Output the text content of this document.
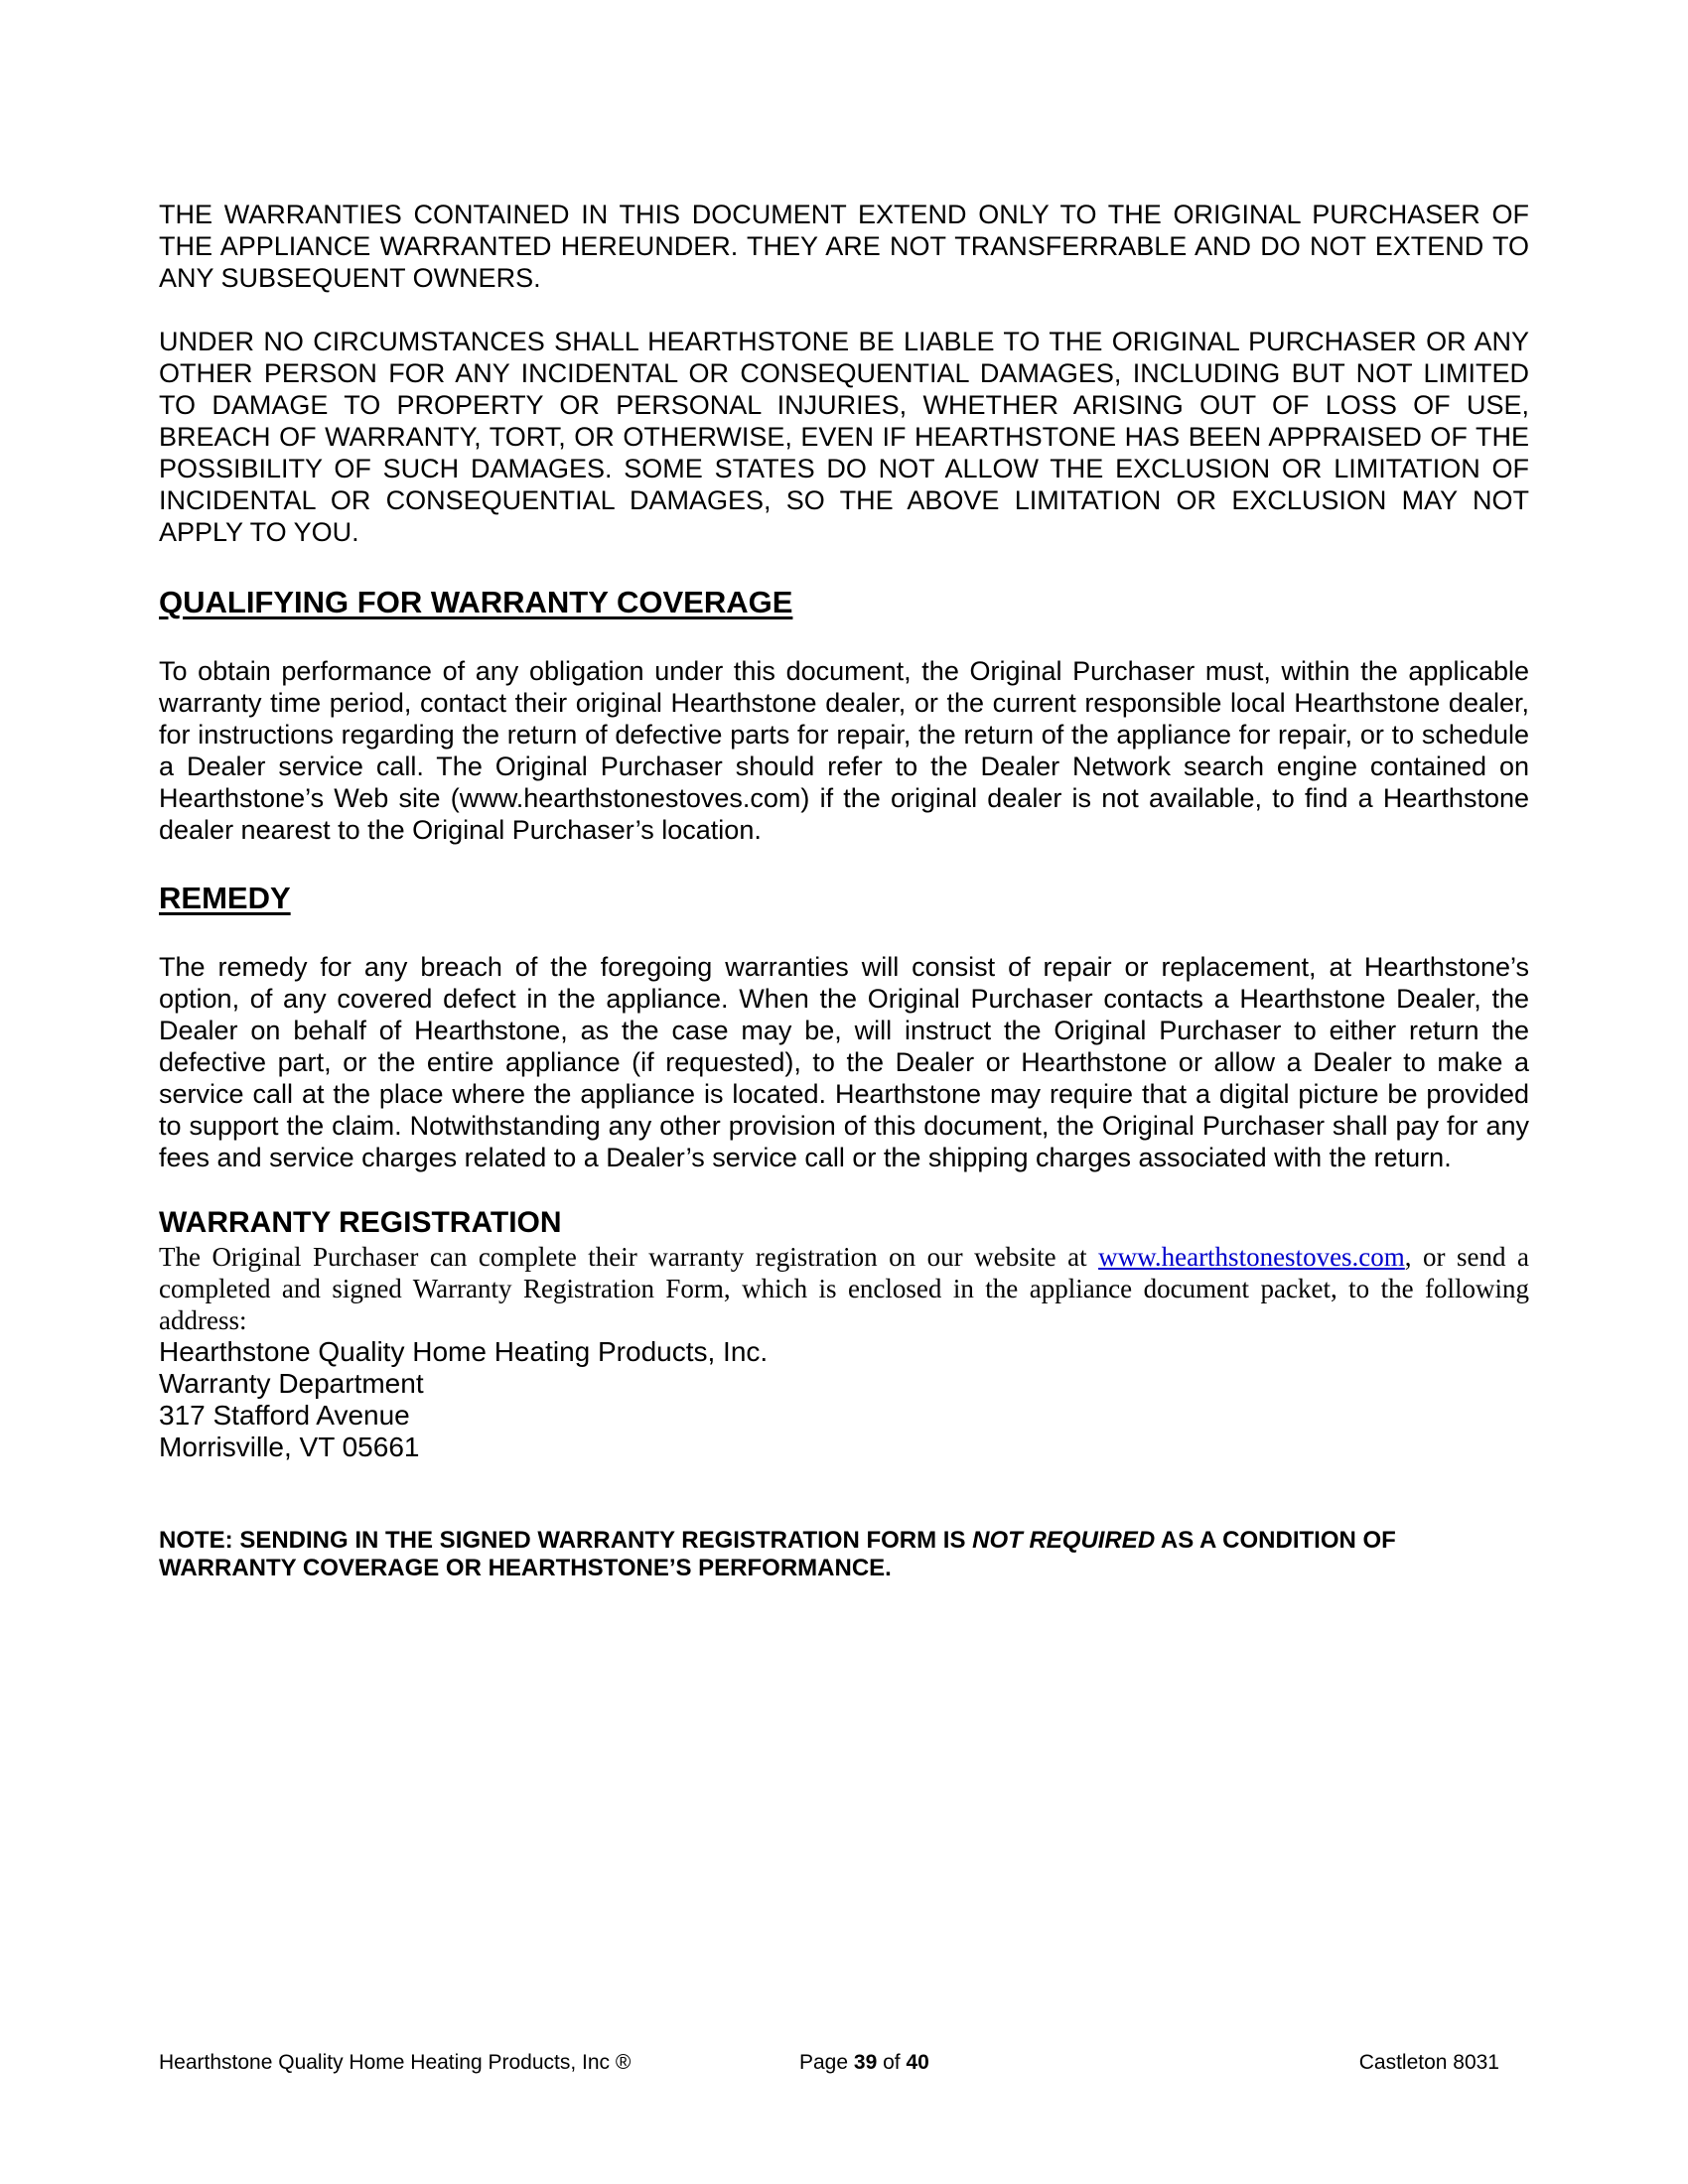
THE WARRANTIES CONTAINED IN THIS DOCUMENT EXTEND ONLY TO THE ORIGINAL PURCHASER OF THE APPLIANCE WARRANTED HEREUNDER. THEY ARE NOT TRANSFERRABLE AND DO NOT EXTEND TO ANY SUBSEQUENT OWNERS.

UNDER NO CIRCUMSTANCES SHALL HEARTHSTONE BE LIABLE TO THE ORIGINAL PURCHASER OR ANY OTHER PERSON FOR ANY INCIDENTAL OR CONSEQUENTIAL DAMAGES, INCLUDING BUT NOT LIMITED TO DAMAGE TO PROPERTY OR PERSONAL INJURIES, WHETHER ARISING OUT OF LOSS OF USE, BREACH OF WARRANTY, TORT, OR OTHERWISE, EVEN IF HEARTHSTONE HAS BEEN APPRAISED OF THE POSSIBILITY OF SUCH DAMAGES. SOME STATES DO NOT ALLOW THE EXCLUSION OR LIMITATION OF INCIDENTAL OR CONSEQUENTIAL DAMAGES, SO THE ABOVE LIMITATION OR EXCLUSION MAY NOT APPLY TO YOU.

QUALIFYING FOR WARRANTY COVERAGE

To obtain performance of any obligation under this document, the Original Purchaser must, within the applicable warranty time period, contact their original Hearthstone dealer, or the current responsible local Hearthstone dealer, for instructions regarding the return of defective parts for repair, the return of the appliance for repair, or to schedule a Dealer service call. The Original Purchaser should refer to the Dealer Network search engine contained on Hearthstone’s Web site (www.hearthstonestoves.com) if the original dealer is not available, to find a Hearthstone dealer nearest to the Original Purchaser’s location.

REMEDY

The remedy for any breach of the foregoing warranties will consist of repair or replacement, at Hearthstone’s option, of any covered defect in the appliance. When the Original Purchaser contacts a Hearthstone Dealer, the Dealer on behalf of Hearthstone, as the case may be, will instruct the Original Purchaser to either return the defective part, or the entire appliance (if requested), to the Dealer or Hearthstone or allow a Dealer to make a service call at the place where the appliance is located. Hearthstone may require that a digital picture be provided to support the claim. Notwithstanding any other provision of this document, the Original Purchaser shall pay for any fees and service charges related to a Dealer’s service call or the shipping charges associated with the return.

WARRANTY REGISTRATION
The Original Purchaser can complete their warranty registration on our website at www.hearthstonestoves.com, or send a completed and signed Warranty Registration Form, which is enclosed in the appliance document packet, to the following address:
Hearthstone Quality Home Heating Products, Inc.
Warranty Department
317 Stafford Avenue
Morrisville, VT 05661
NOTE: SENDING IN THE SIGNED WARRANTY REGISTRATION FORM IS NOT REQUIRED AS A CONDITION OF WARRANTY COVERAGE OR HEARTHSTONE’S PERFORMANCE.
Hearthstone Quality Home Heating Products, Inc ®	Page 39 of 40	Castleton 8031
